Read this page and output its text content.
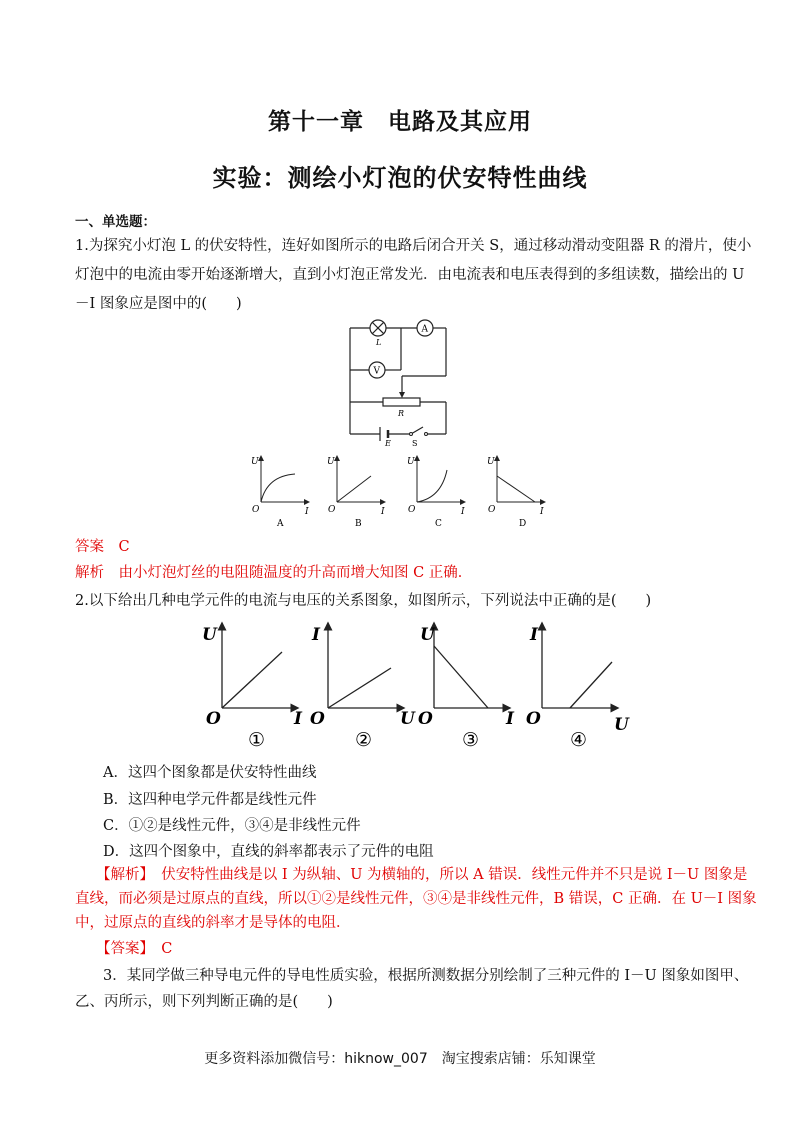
第十一章　电路及其应用
实验：测绘小灯泡的伏安特性曲线
一、单选题：
1.为探究小灯泡 L 的伏安特性，连好如图所示的电路后闭合开关 S，通过移动滑动变阻器 R 的滑片，使小
灯泡中的电流由零开始逐渐增大，直到小灯泡正常发光．由电流表和电压表得到的多组读数，描绘出的 U
－I 图象应是图中的(　　)
L
A
V
R
E	S
U
O	I
A
U
O	I
B
U
O	I
C
U
O	I
D
答案　C
解析　由小灯泡灯丝的电阻随温度的升高而增大知图 C 正确．
2.以下给出几种电学元件的电流与电压的关系图象，如图所示，下列说法中正确的是(　　)
U
O	I
①
I
O	U
②
U
O	I
③
I
O	U
④
A．这四个图象都是伏安特性曲线
B．这四种电学元件都是线性元件
C．①②是线性元件，③④是非线性元件
D．这四个图象中，直线的斜率都表示了元件的电阻
【解析】　伏安特性曲线是以 I 为纵轴、U 为横轴的，所以 A 错误．线性元件并不只是说 I－U 图象是
直线，而必须是过原点的直线，所以①②是线性元件，③④是非线性元件，B 错误，C 正确．在 U－I 图象
中，过原点的直线的斜率才是导体的电阻．
【答案】　C
3．某同学做三种导电元件的导电性质实验，根据所测数据分别绘制了三种元件的 I－U 图象如图甲、
乙、丙所示，则下列判断正确的是(　　)
更多资料添加微信号：hiknow_007　淘宝搜索店铺：乐知课堂
